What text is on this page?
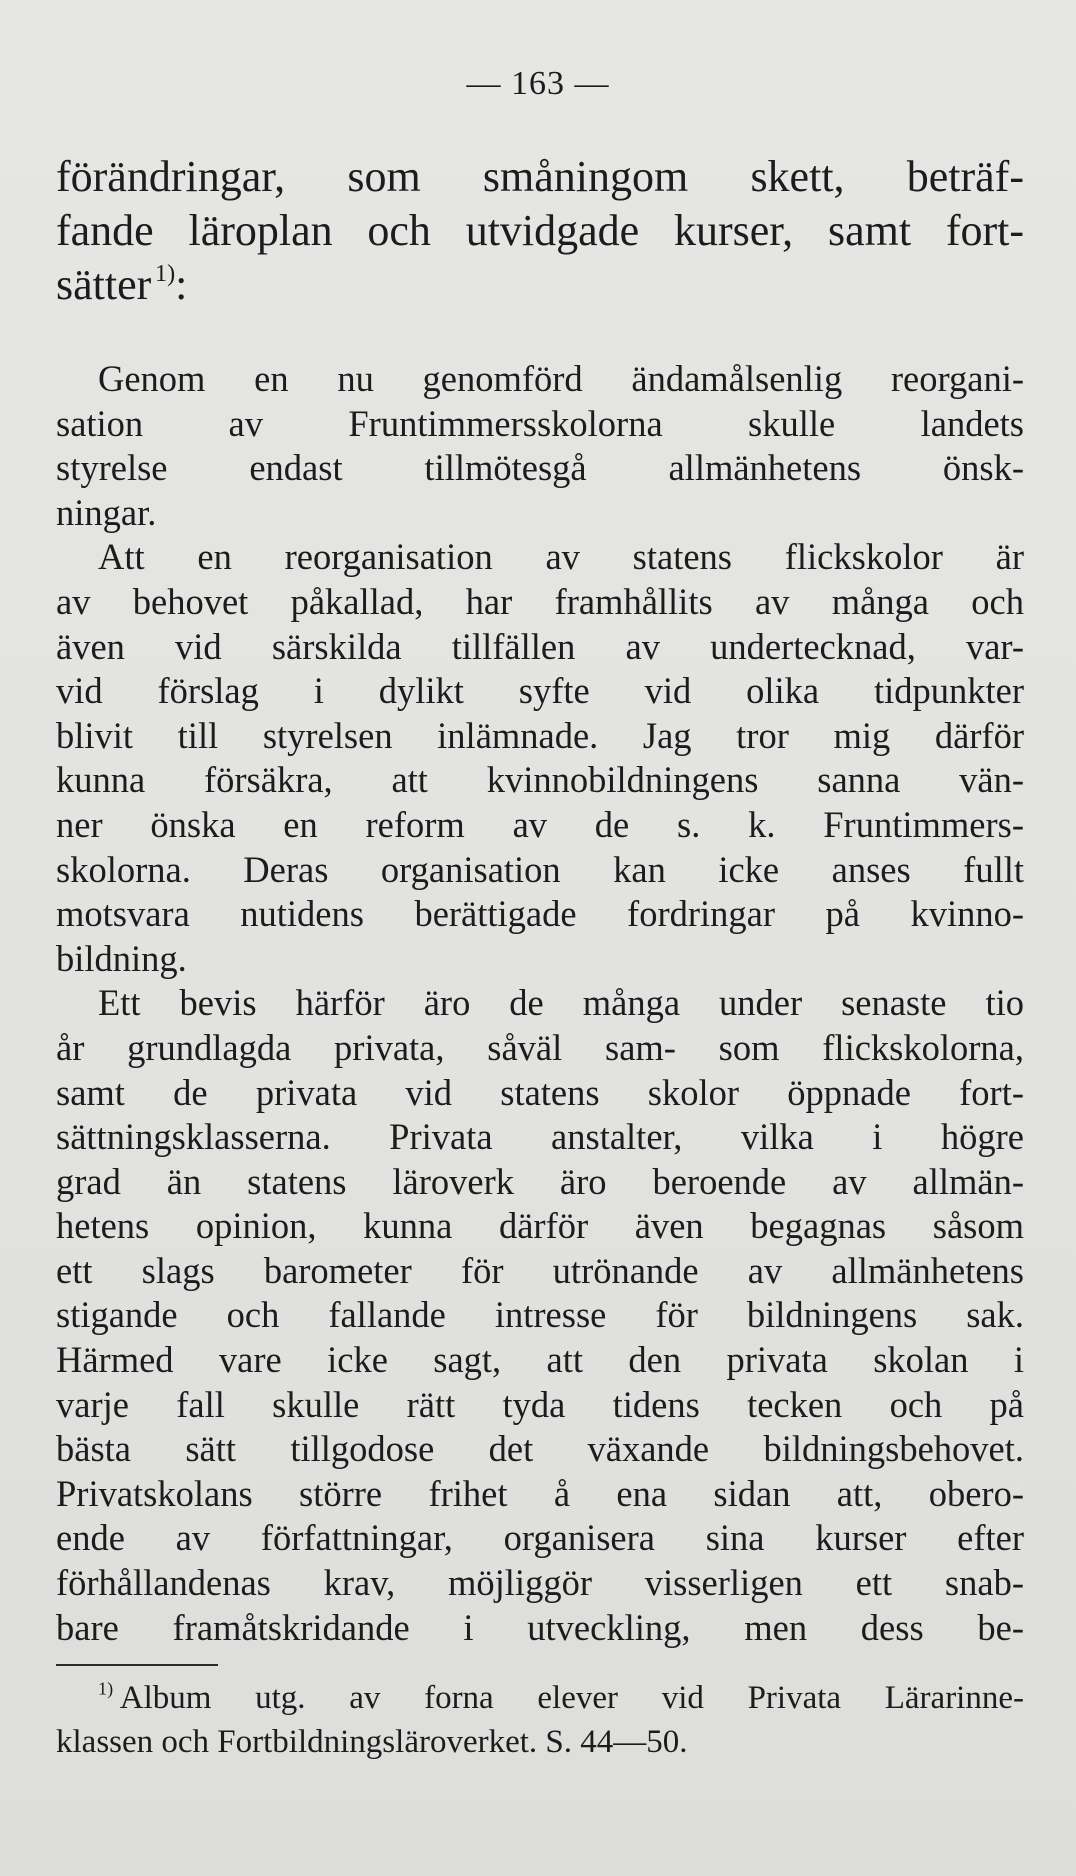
— 163 —
förändringar, som småningom skett, beträf-
fande läroplan och utvidgade kurser, samt fort-
sätter  $^{1)}$:
Genom en nu genomförd ändamålsenlig reorgani-
sation av Fruntimmersskolorna skulle landets
styrelse endast tillmötesgå allmänhetens önsk-
ningar.
Att en reorganisation av statens flickskolor är
av behovet påkallad, har framhållits av många och
även vid särskilda tillfällen av undertecknad, var-
vid förslag i dylikt syfte vid olika tidpunkter
blivit till styrelsen inlämnade. Jag tror mig därför
kunna försäkra, att kvinnobildningens sanna vän-
ner önska en reform av de s. k. Fruntimmers-
skolorna. Deras organisation kan icke anses fullt
motsvara nutidens berättigade fordringar på kvinno-
bildning.
Ett bevis härför äro de många under senaste tio
år grundlagda privata, såväl sam- som flickskolorna,
samt de privata vid statens skolor öppnade fort-
sättningsklasserna. Privata anstalter, vilka i högre
grad än statens läroverk äro beroende av allmän-
hetens opinion, kunna därför även begagnas såsom
ett slags barometer för utrönande av allmänhetens
stigande och fallande intresse för bildningens sak.
Härmed vare icke sagt, att den privata skolan i
varje fall skulle rätt tyda tidens tecken och på
bästa sätt tillgodose det växande bildningsbehovet.
Privatskolans större frihet å ena sidan att, obero-
ende av författningar, organisera sina kurser efter
förhållandenas krav, möjliggör visserligen ett snab-
bare framåtskridande i utveckling, men dess be-
$^{1)}$  Album utg. av forna elever vid Privata Lärarinne-
klassen och Fortbildningsläroverket. S. 44—50.
